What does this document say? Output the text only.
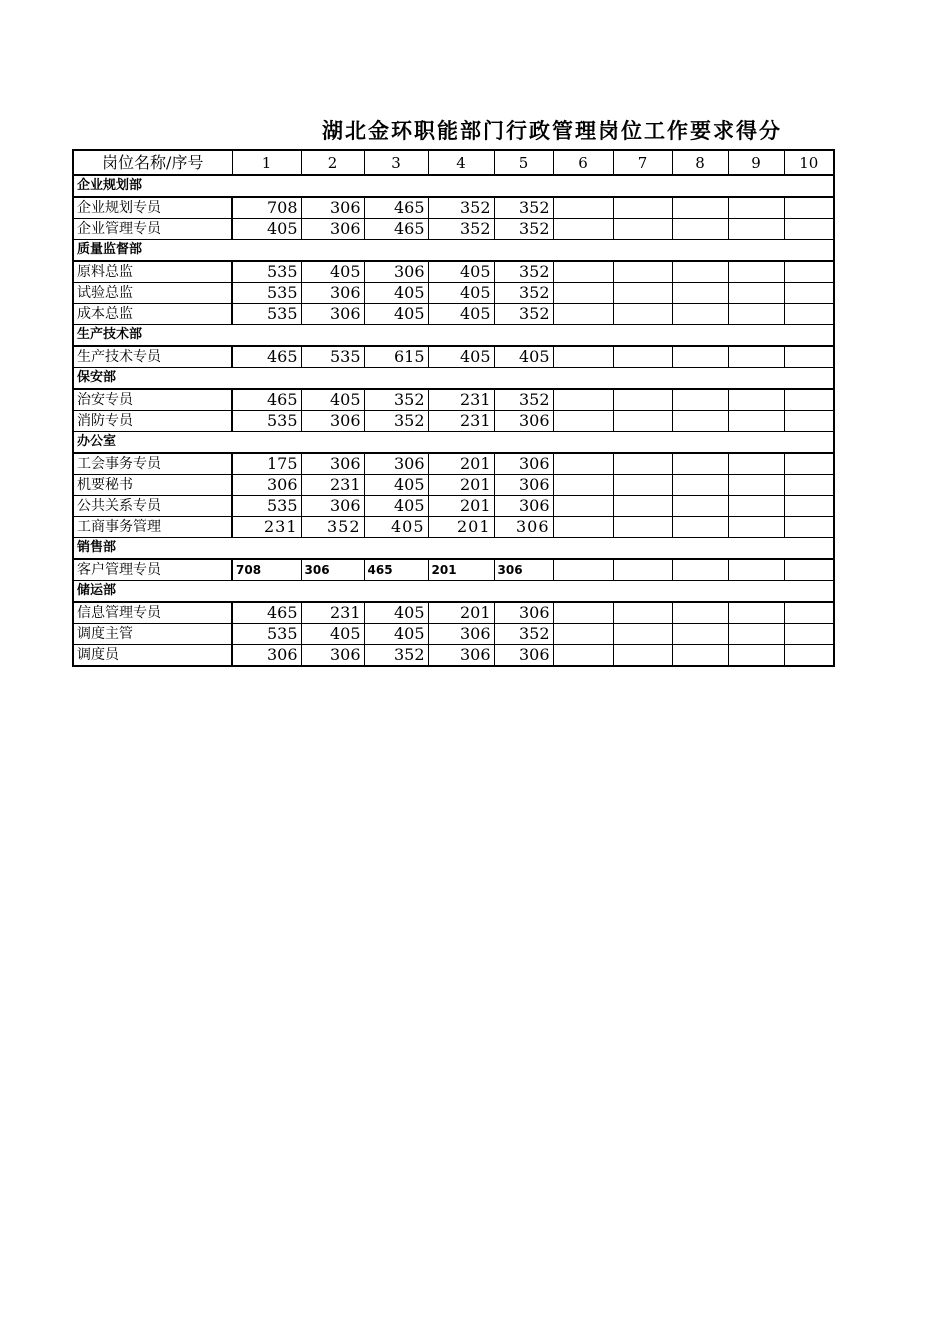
湖北金环职能部门行政管理岗位工作要求得分
岗位名称/序号	1	2	3	4	5	6	7	8	9	10
企业规划部										
企业规划专员	708	306	465	352	352					
企业管理专员	405	306	465	352	352					
质量监督部										
原料总监	535	405	306	405	352					
试验总监	535	306	405	405	352					
成本总监	535	306	405	405	352					
生产技术部										
生产技术专员	465	535	615	405	405					
保安部										
治安专员	465	405	352	231	352					
消防专员	535	306	352	231	306					
办公室										
工会事务专员	175	306	306	201	306					
机要秘书	306	231	405	201	306					
公共关系专员	535	306	405	201	306					
工商事务管理	231	352	405	201	306					
销售部										
客户管理专员	708	306	465	201	306					
储运部										
信息管理专员	465	231	405	201	306					
调度主管	535	405	405	306	352					
调度员	306	306	352	306	306					
